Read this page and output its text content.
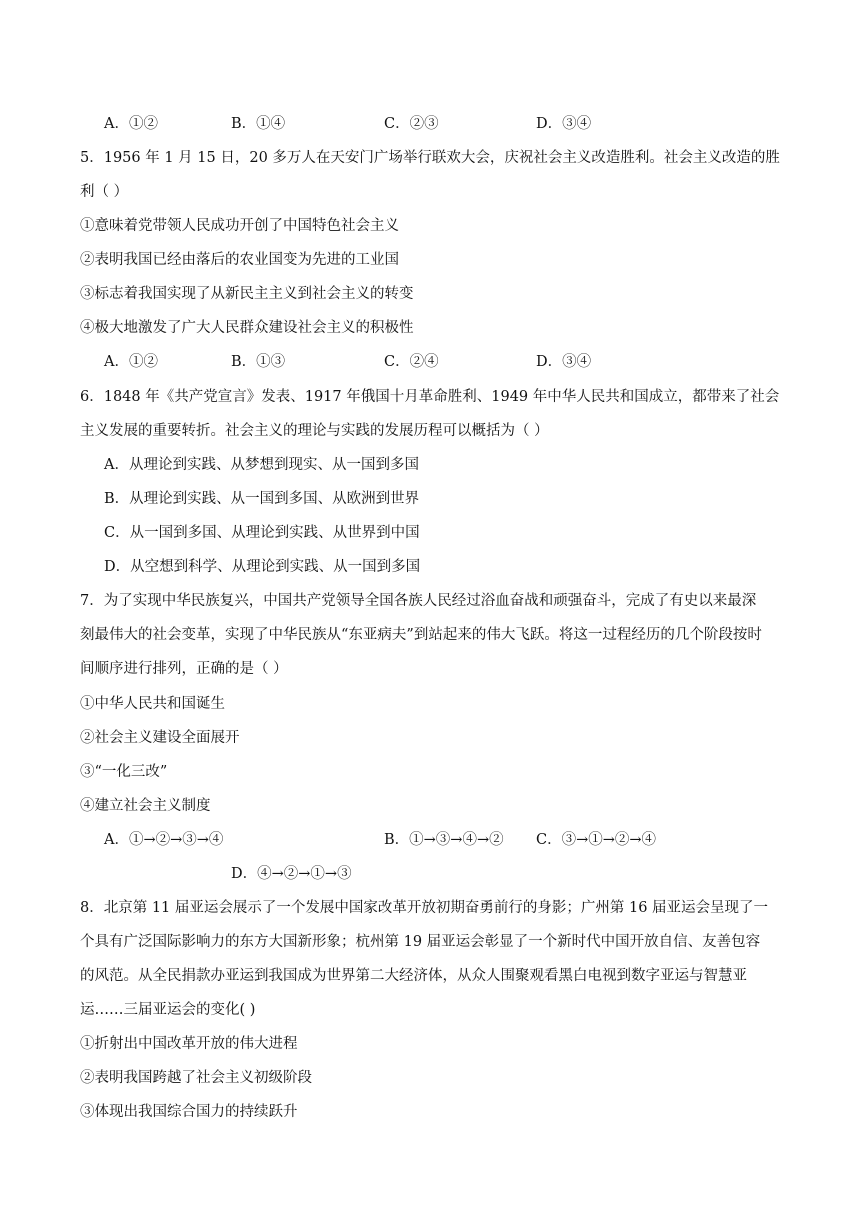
A．①②	B．①④	C．②③	D．③④
5．1956 年 1 月 15 日，20 多万人在天安门广场举行联欢大会，庆祝社会主义改造胜利。社会主义改造的胜
利（ ）
①意味着党带领人民成功开创了中国特色社会主义
②表明我国已经由落后的农业国变为先进的工业国
③标志着我国实现了从新民主主义到社会主义的转变
④极大地激发了广大人民群众建设社会主义的积极性
A．①②	B．①③	C．②④	D．③④
6．1848 年《共产党宣言》发表、1917 年俄国十月革命胜利、1949 年中华人民共和国成立，都带来了社会
主义发展的重要转折。社会主义的理论与实践的发展历程可以概括为（ ）
A．从理论到实践、从梦想到现实、从一国到多国
B．从理论到实践、从一国到多国、从欧洲到世界
C．从一国到多国、从理论到实践、从世界到中国
D．从空想到科学、从理论到实践、从一国到多国
7．为了实现中华民族复兴，中国共产党领导全国各族人民经过浴血奋战和顽强奋斗，完成了有史以来最深
刻最伟大的社会变革，实现了中华民族从“东亚病夫”到站起来的伟大飞跃。将这一过程经历的几个阶段按时
间顺序进行排列，正确的是（ ）
①中华人民共和国诞生
②社会主义建设全面展开
③“一化三改”
④建立社会主义制度
A．①→②→③→④	B．①→③→④→② C．③→①→②→④
D．④→②→①→③
8．北京第 11 届亚运会展示了一个发展中国家改革开放初期奋勇前行的身影；广州第 16 届亚运会呈现了一
个具有广泛国际影响力的东方大国新形象；杭州第 19 届亚运会彰显了一个新时代中国开放自信、友善包容
的风范。从全民捐款办亚运到我国成为世界第二大经济体，从众人围聚观看黑白电视到数字亚运与智慧亚
运……三届亚运会的变化( )
①折射出中国改革开放的伟大进程
②表明我国跨越了社会主义初级阶段
③体现出我国综合国力的持续跃升
